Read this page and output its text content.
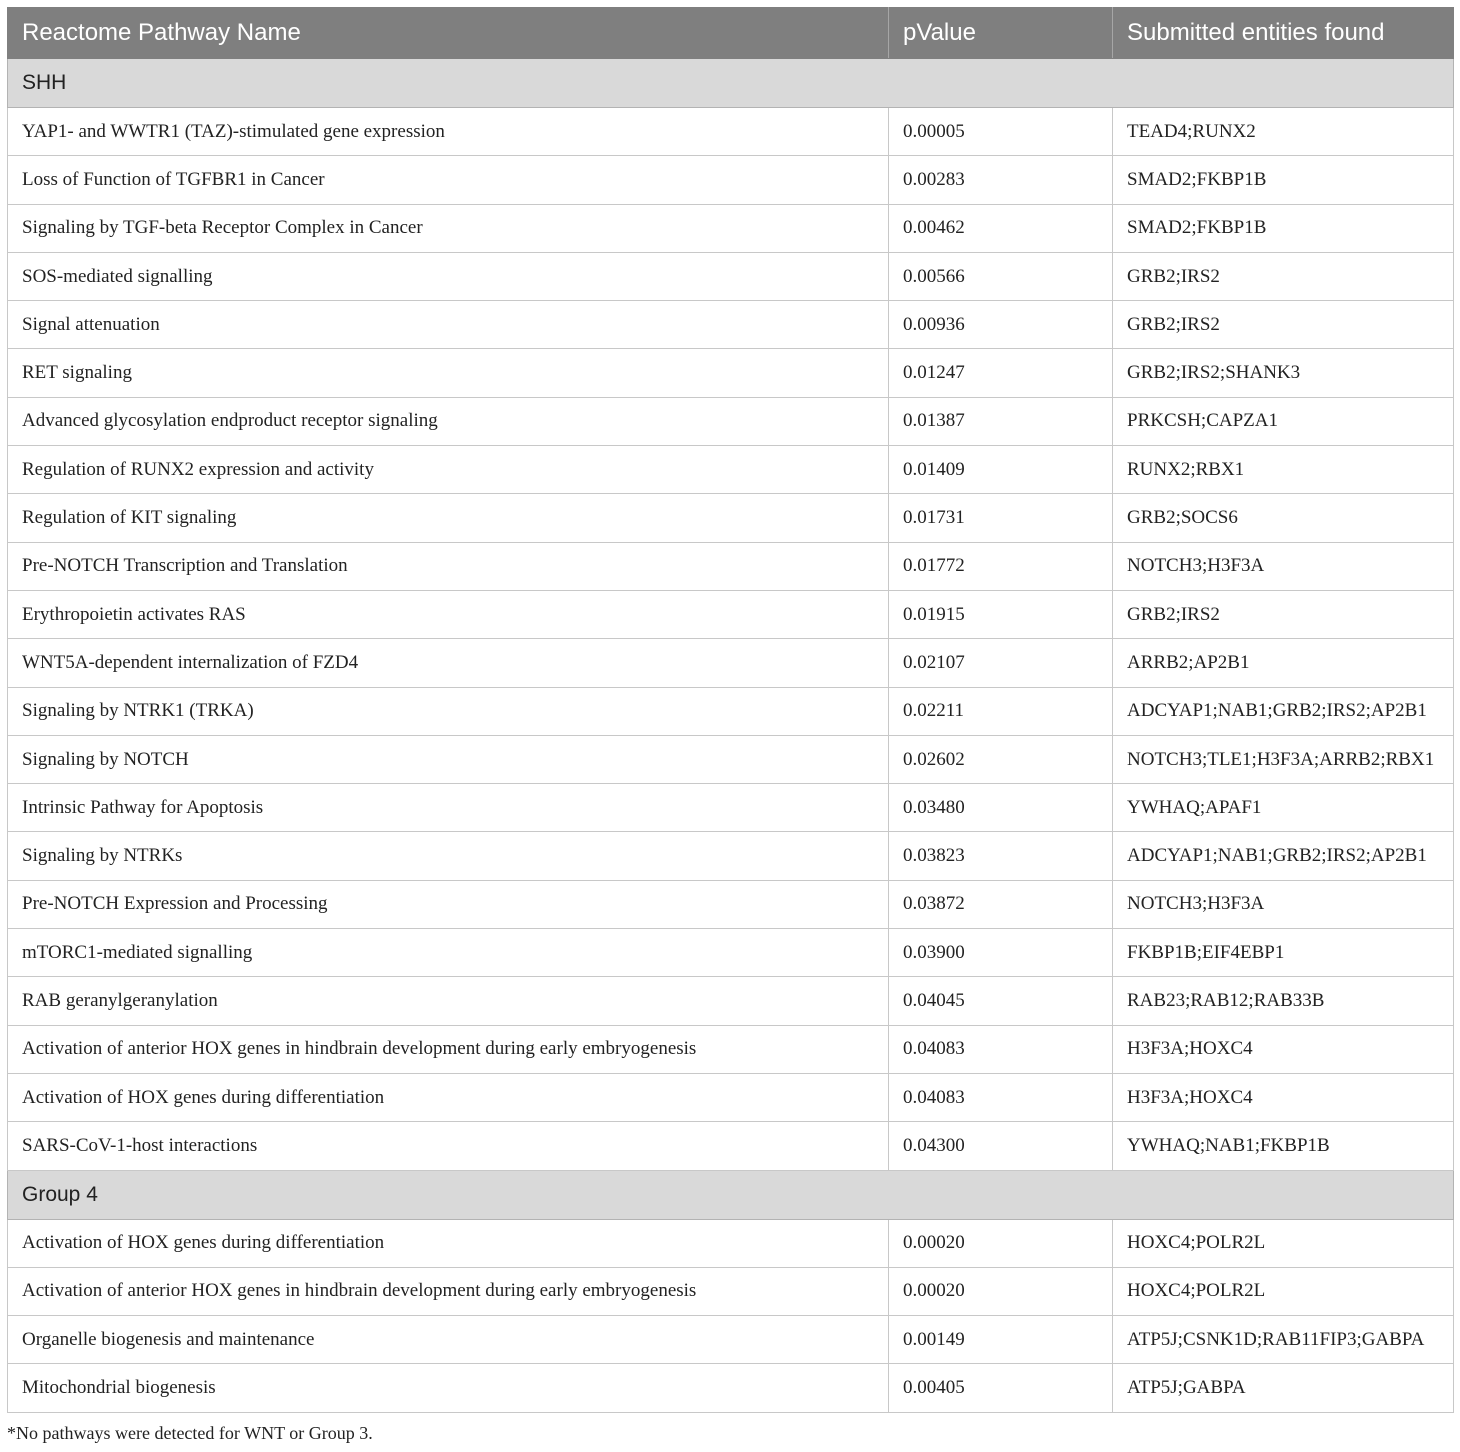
Reactome Pathway Name	pValue	Submitted entities found
SHH		
YAP1- and WWTR1 (TAZ)-stimulated gene expression	0.00005	TEAD4;RUNX2
Loss of Function of TGFBR1 in Cancer	0.00283	SMAD2;FKBP1B
Signaling by TGF-beta Receptor Complex in Cancer	0.00462	SMAD2;FKBP1B
SOS-mediated signalling	0.00566	GRB2;IRS2
Signal attenuation	0.00936	GRB2;IRS2
RET signaling	0.01247	GRB2;IRS2;SHANK3
Advanced glycosylation endproduct receptor signaling	0.01387	PRKCSH;CAPZA1
Regulation of RUNX2 expression and activity	0.01409	RUNX2;RBX1
Regulation of KIT signaling	0.01731	GRB2;SOCS6
Pre-NOTCH Transcription and Translation	0.01772	NOTCH3;H3F3A
Erythropoietin activates RAS	0.01915	GRB2;IRS2
WNT5A-dependent internalization of FZD4	0.02107	ARRB2;AP2B1
Signaling by NTRK1 (TRKA)	0.02211	ADCYAP1;NAB1;GRB2;IRS2;AP2B1
Signaling by NOTCH	0.02602	NOTCH3;TLE1;H3F3A;ARRB2;RBX1
Intrinsic Pathway for Apoptosis	0.03480	YWHAQ;APAF1
Signaling by NTRKs	0.03823	ADCYAP1;NAB1;GRB2;IRS2;AP2B1
Pre-NOTCH Expression and Processing	0.03872	NOTCH3;H3F3A
mTORC1-mediated signalling	0.03900	FKBP1B;EIF4EBP1
RAB geranylgeranylation	0.04045	RAB23;RAB12;RAB33B
Activation of anterior HOX genes in hindbrain development during early embryogenesis	0.04083	H3F3A;HOXC4
Activation of HOX genes during differentiation	0.04083	H3F3A;HOXC4
SARS-CoV-1-host interactions	0.04300	YWHAQ;NAB1;FKBP1B
Group 4		
Activation of HOX genes during differentiation	0.00020	HOXC4;POLR2L
Activation of anterior HOX genes in hindbrain development during early embryogenesis	0.00020	HOXC4;POLR2L
Organelle biogenesis and maintenance	0.00149	ATP5J;CSNK1D;RAB11FIP3;GABPA
Mitochondrial biogenesis	0.00405	ATP5J;GABPA
*No pathways were detected for WNT or Group 3.
